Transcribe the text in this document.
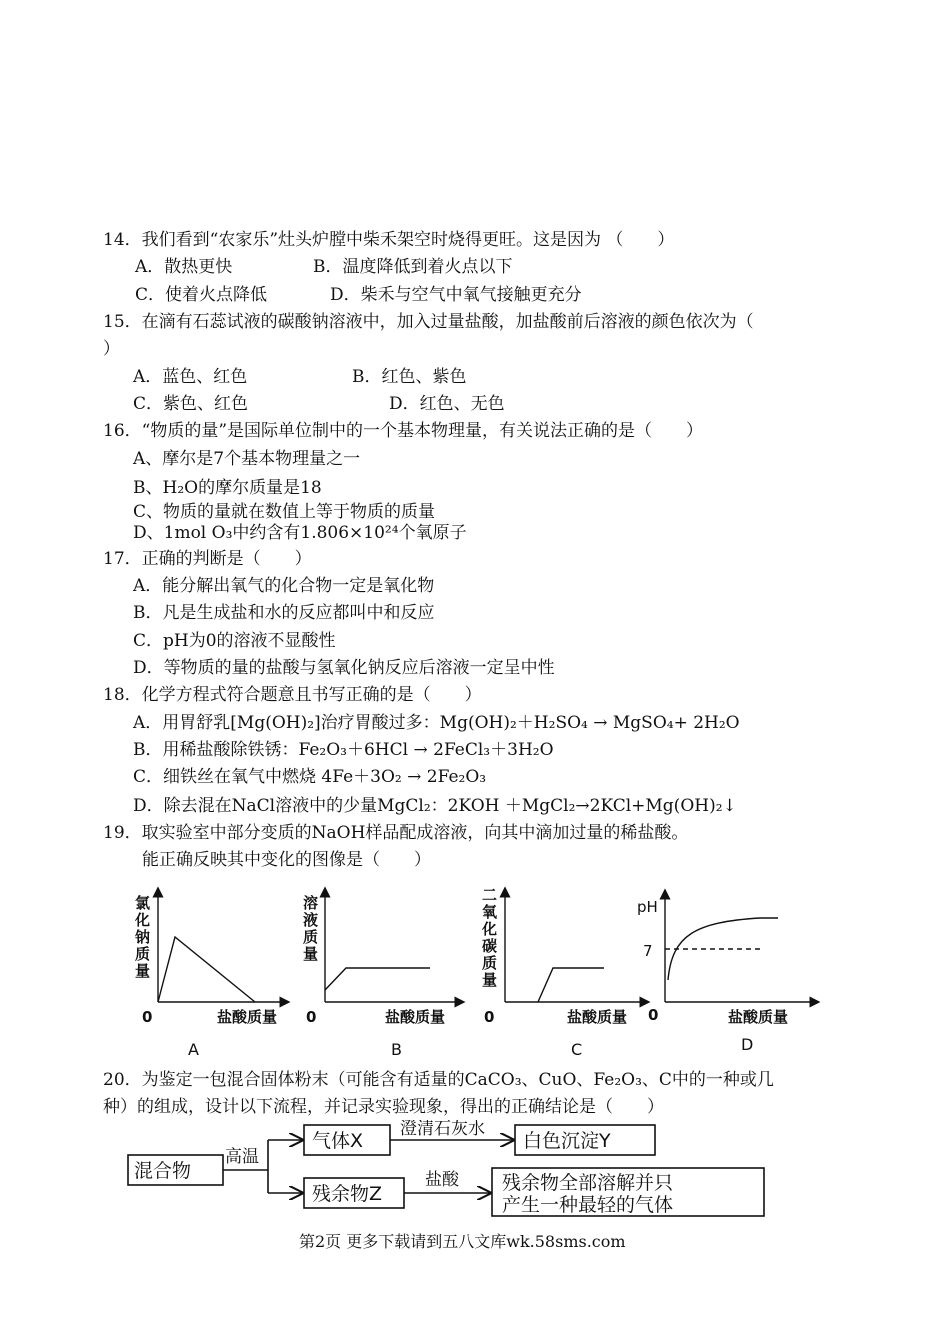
14．我们看到“农家乐”灶头炉膛中柴禾架空时烧得更旺。这是因为 （　　）
A．散热更快	B．温度降低到着火点以下
C．使着火点降低	D．柴禾与空气中氧气接触更充分
15．在滴有石蕊试液的碳酸钠溶液中，加入过量盐酸，加盐酸前后溶液的颜色依次为（
）
A．蓝色、红色	B．红色、紫色
C．紫色、红色	D．红色、无色
16．“物质的量”是国际单位制中的一个基本物理量，有关说法正确的是（　　）
A、摩尔是7个基本物理量之一
B、H₂O的摩尔质量是18
C、物质的量就在数值上等于物质的质量
D、1mol O₃中约含有1.806×10²⁴个氧原子
17．正确的判断是（　　）
A．能分解出氧气的化合物一定是氧化物
B．凡是生成盐和水的反应都叫中和反应
C．pH为0的溶液不显酸性
D．等物质的量的盐酸与氢氧化钠反应后溶液一定呈中性
18．化学方程式符合题意且书写正确的是（　　）
A．用胃舒乳[Mg(OH)₂]治疗胃酸过多：Mg(OH)₂＋H₂SO₄ → MgSO₄+ 2H₂O
B．用稀盐酸除铁锈：Fe₂O₃＋6HCl → 2FeCl₃＋3H₂O
C．细铁丝在氧气中燃烧 4Fe＋3O₂ → 2Fe₂O₃
D．除去混在NaCl溶液中的少量MgCl₂：2KOH ＋MgCl₂→2KCl+Mg(OH)₂↓
19．取实验室中部分变质的NaOH样品配成溶液，向其中滴加过量的稀盐酸。
能正确反映其中变化的图像是（　　）
氯
化
钠
质
量
0	盐酸质量
A
溶
液
质
量
0	盐酸质量
B
二
氧
化
碳
质
量
0	盐酸质量
C
pH
7
0	盐酸质量
D
20．为鉴定一包混合固体粉末（可能含有适量的CaCO₃、CuO、Fe₂O₃、C中的一种或几
种）的组成，设计以下流程，并记录实验现象，得出的正确结论是（　　）
混合物
高温
气体X
澄清石灰水
白色沉淀Y
残余物Z
盐酸 残余物全部溶解并只
产生一种最轻的气体
第2页 更多下载请到五八文库wk.58sms.com
